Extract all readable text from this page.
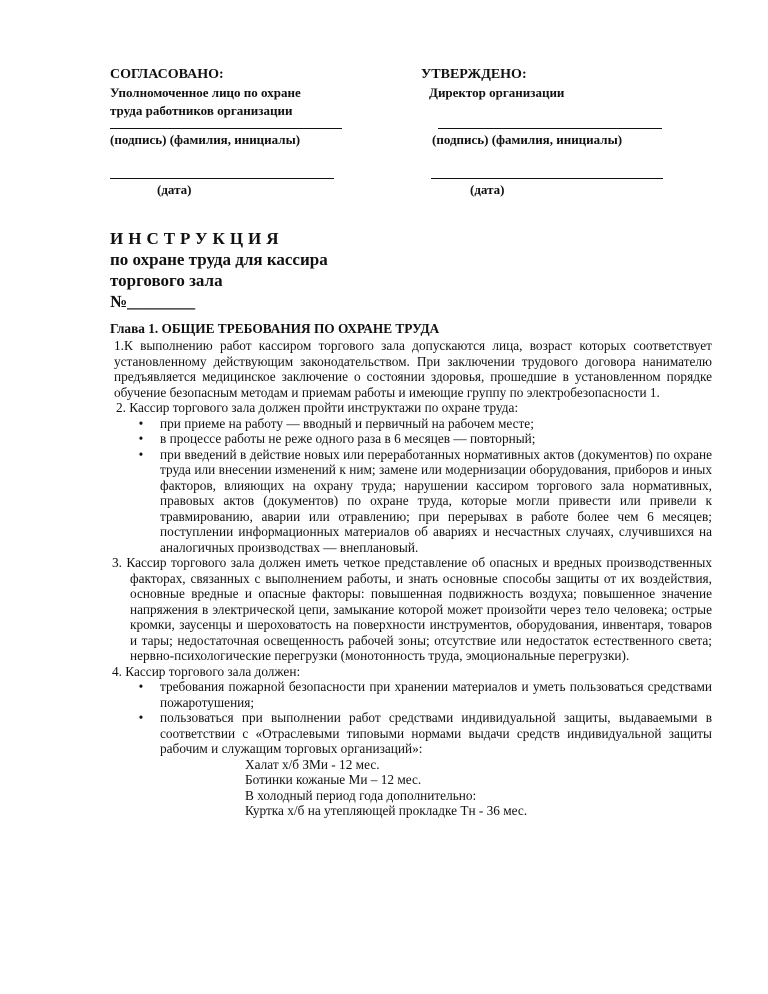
СОГЛАСОВАНО:
Уполномоченное лицо по охране
труда работников организации
(подпись) (фамилия, инициалы)
(дата)
УТВЕРЖДЕНО:
Директор организации
(подпись) (фамилия, инициалы)
(дата)
ИНСТРУКЦИЯ
по охране труда для кассира
торгового зала
№________
Глава 1. ОБЩИЕ ТРЕБОВАНИЯ ПО ОХРАНЕ ТРУДА

1.К выполнению работ кассиром торгового зала допускаются лица, возраст которых соответствует установленному действующим законодательством. При заключении трудового договора нанимателю предъявляется медицинское заключение о состоянии здоровья, прошедшие в установленном порядке обучение безопасным методам и приемам работы и имеющие группу по электробезопасности 1.

2. Кассир торгового зала должен пройти инструктажи по охране труда:

• при приеме на работу — вводный и первичный на рабочем месте;
• в процессе работы не реже одного раза в 6 месяцев — повторный;
• при введений в действие новых или переработанных нормативных актов (документов) по охране труда или внесении изменений к ним; замене или модернизации оборудования, приборов и иных факторов, влияющих на охрану труда; нарушении кассиром торгового зала нормативных, правовых актов (документов) по охране труда, которые могли привести или привели к травмированию, аварии или отравлению; при перерывах в работе более чем 6 месяцев; поступлении информационных материалов об авариях и несчастных случаях, случившихся на аналогичных производствах — внеплановый.

3. Кассир торгового зала должен иметь четкое представление об опасных и вредных производственных факторах, связанных с выполнением работы, и знать основные способы защиты от их воздействия, основные вредные и опасные факторы: повышенная подвижность воздуха; повышенное значение напряжения в электрической цепи, замыкание которой может произойти через тело человека; острые кромки, заусенцы и шероховатость на поверхности инструментов, оборудования, инвентаря, товаров и тары; недостаточная освещенность рабочей зоны; отсутствие или недостаток естественного света; нервно-психологические перегрузки (монотонность труда, эмоциональные перегрузки).

4. Кассир торгового зала должен:

• требования пожарной безопасности при хранении материалов и уметь пользоваться средствами пожаротушения;
• пользоваться при выполнении работ средствами индивидуальной защиты, выдаваемыми в соответствии с «Отраслевыми типовыми нормами выдачи средств индивидуальной защиты рабочим и служащим торговых организаций»:
Халат х/б ЗМи - 12 мес.
Ботинки кожаные Ми – 12 мес.
В холодный период года дополнительно:
Куртка х/б на утепляющей прокладке Тн - 36 мес.
